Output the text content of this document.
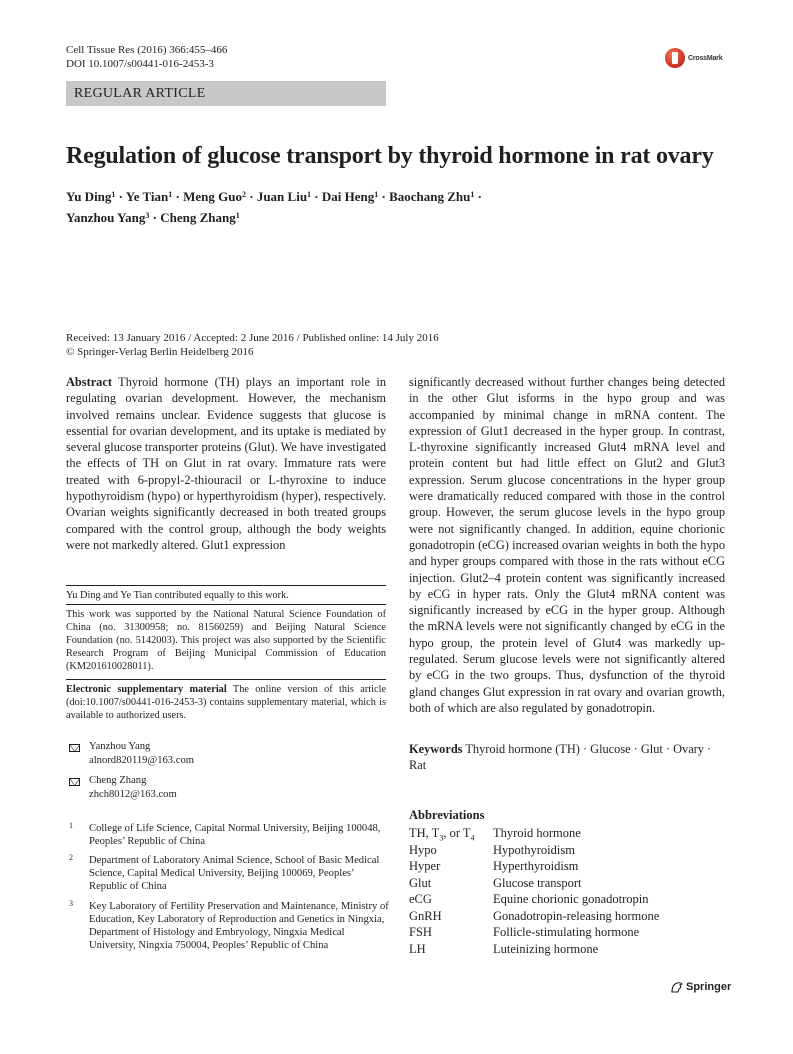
Cell Tissue Res (2016) 366:455–466
DOI 10.1007/s00441-016-2453-3	CrossMark
REGULAR ARTICLE
Regulation of glucose transport by thyroid hormone in rat ovary
Yu Ding$^1$ · Ye Tian$^1$ · Meng Guo$^2$ · Juan Liu$^1$ · Dai Heng$^1$ · Baochang Zhu$^1$ ·
Yanzhou Yang$^3$ · Cheng Zhang$^1$
Received: 13 January 2016 / Accepted: 2 June 2016 / Published online: 14 July 2016
© Springer-Verlag Berlin Heidelberg 2016
Abstract Thyroid hormone (TH) plays an important role in regulating ovarian development. However, the mechanism involved remains unclear. Evidence suggests that glucose is essential for ovarian development, and its uptake is mediated by several glucose transporter proteins (Glut). We have investigated the effects of TH on Glut in rat ovary. Immature rats were treated with 6-propyl-2-thiouracil or L-thyroxine to induce hypothyroidism (hypo) or hyperthyroidism (hyper), respectively. Ovarian weights significantly decreased in both treated groups compared with the control group, although the body weights were not markedly altered. Glut1 expression
Yu Ding and Ye Tian contributed equally to this work.
This work was supported by the National Natural Science Foundation of China (no. 31300958; no. 81560259) and Beijing Natural Science Foundation (no. 5142003). This project was also supported by the Scientific Research Program of Beijing Municipal Commission of Education (KM201610028011).
Electronic supplementary material The online version of this article (doi:10.1007/s00441-016-2453-3) contains supplementary material, which is available to authorized users.
Yanzhou Yang
alnord820119@163.com
Cheng Zhang
zhch8012@163.com
1 College of Life Science, Capital Normal University, Beijing 100048, Peoples’ Republic of China
2 Department of Laboratory Animal Science, School of Basic Medical Science, Capital Medical University, Beijing 100069, Peoples’ Republic of China
3 Key Laboratory of Fertility Preservation and Maintenance, Ministry of Education, Key Laboratory of Reproduction and Genetics in Ningxia, Department of Histology and Embryology, Ningxia Medical University, Ningxia 750004, Peoples’ Republic of China
significantly decreased without further changes being detected in the other Glut isforms in the hypo group and was accompanied by minimal change in mRNA content. The expression of Glut1 decreased in the hyper group. In contrast, L-thyroxine significantly increased Glut4 mRNA level and protein content but had little effect on Glut2 and Glut3 expression. Serum glucose concentrations in the hyper group were dramatically reduced compared with those in the control group. However, the serum glucose levels in the hypo group were not significantly changed. In addition, equine chorionic gonadotropin (eCG) increased ovarian weights in both the hypo and hyper groups compared with those in the rats without eCG injection. Glut2–4 protein content was significantly increased by eCG in hyper rats. Only the Glut4 mRNA content was significantly increased by eCG in the hyper group. Although the mRNA levels were not significantly changed by eCG in the hypo group, the protein level of Glut4 was markedly up-regulated. Serum glucose levels were not significantly altered by eCG in the two groups. Thus, dysfunction of the thyroid gland changes Glut expression in rat ovary and ovarian growth, both of which are also regulated by gonadotropin.
Keywords Thyroid hormone (TH) · Glucose · Glut · Ovary · Rat
Abbreviations
TH, $T_3$, or $T_4$ Thyroid hormone
Hypo	Hypothyroidism
Hyper	Hyperthyroidism
Glut	Glucose transport
eCG	Equine chorionic gonadotropin
GnRH	Gonadotropin-releasing hormone
FSH	Follicle-stimulating hormone
LH	Luteinizing hormone
Springer
